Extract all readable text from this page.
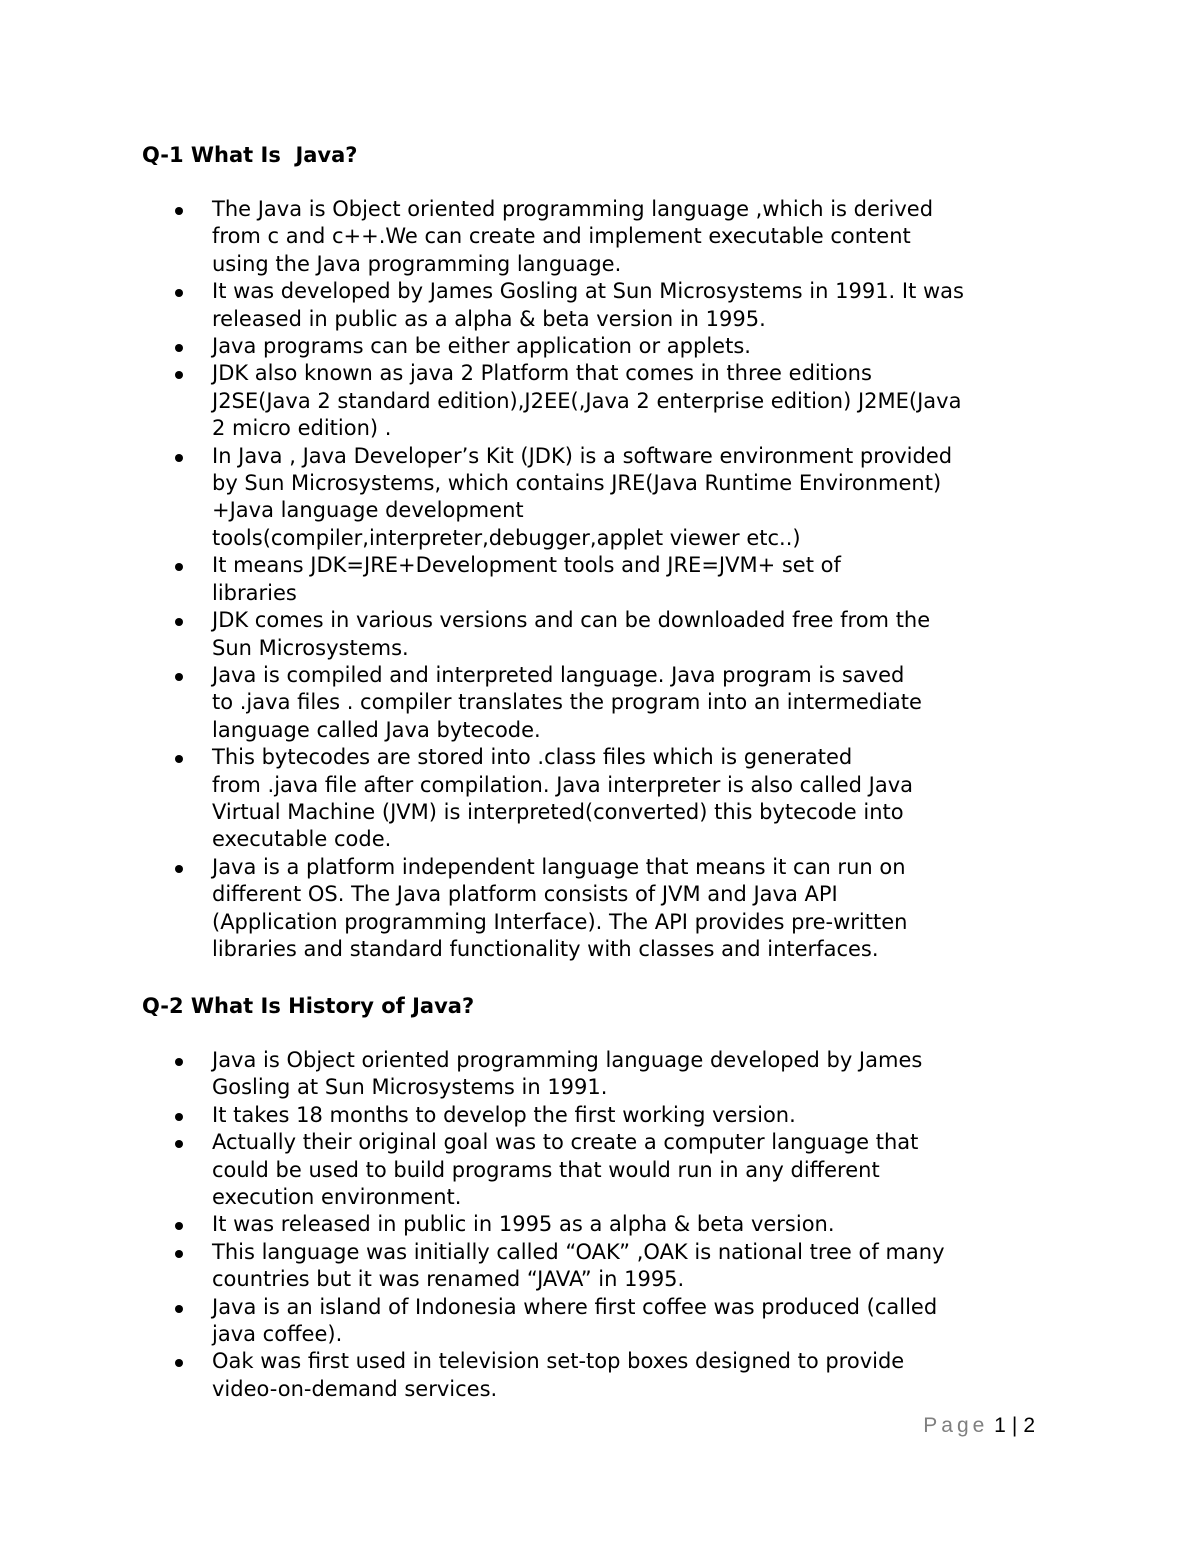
Q-1 What Is  Java?
The Java is Object oriented programming language ,which is derived
from c and c++.We can create and implement executable content
using the Java programming language.
It was developed by James Gosling at Sun Microsystems in 1991. It was
released in public as a alpha & beta version in 1995.
Java programs can be either application or applets.
JDK also known as java 2 Platform that comes in three editions
J2SE(Java 2 standard edition),J2EE(,Java 2 enterprise edition) J2ME(Java
2 micro edition) .
In Java , Java Developer’s Kit (JDK) is a software environment provided
by Sun Microsystems, which contains JRE(Java Runtime Environment)
+Java language development
tools(compiler,interpreter,debugger,applet viewer etc..)
It means JDK=JRE+Development tools and JRE=JVM+ set of
libraries
JDK comes in various versions and can be downloaded free from the
Sun Microsystems.
Java is compiled and interpreted language. Java program is saved
to .java files . compiler translates the program into an intermediate
language called Java bytecode.
This bytecodes are stored into .class files which is generated
from .java file after compilation. Java interpreter is also called Java
Virtual Machine (JVM) is interpreted(converted) this bytecode into
executable code.
Java is a platform independent language that means it can run on
different OS. The Java platform consists of JVM and Java API
(Application programming Interface). The API provides pre-written
libraries and standard functionality with classes and interfaces.
Q-2 What Is History of Java?
Java is Object oriented programming language developed by James
Gosling at Sun Microsystems in 1991.
It takes 18 months to develop the first working version.
Actually their original goal was to create a computer language that
could be used to build programs that would run in any different
execution environment.
It was released in public in 1995 as a alpha & beta version.
This language was initially called “OAK” ,OAK is national tree of many
countries but it was renamed “JAVA” in 1995.
Java is an island of Indonesia where first coffee was produced (called
java coffee).
Oak was first used in television set-top boxes designed to provide
video-on-demand services.
Page 1 | 2
